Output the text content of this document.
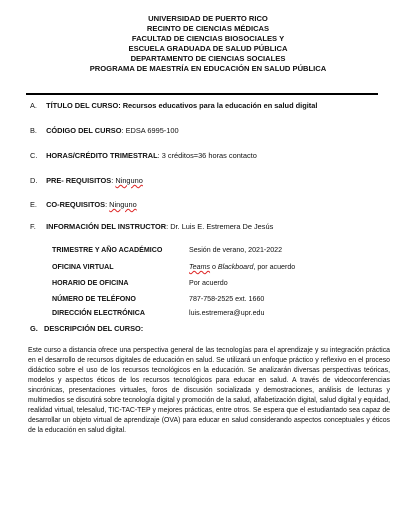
UNIVERSIDAD DE PUERTO RICO
RECINTO DE CIENCIAS MÉDICAS
FACULTAD DE CIENCIAS BIOSOCIALES Y
ESCUELA GRADUADA DE SALUD PÚBLICA
DEPARTAMENTO DE CIENCIAS SOCIALES
PROGRAMA DE MAESTRÍA EN EDUCACIÓN EN SALUD PÚBLICA
A. TÍTULO DEL CURSO: Recursos educativos para la educación en salud digital
B. CÓDIGO DEL CURSO: EDSA 6995-100
C. HORAS/CRÉDITO TRIMESTRAL: 3 créditos=36 horas contacto
D. PRE- REQUISITOS: Ninguno
E. CO-REQUISITOS: Ninguno
F. INFORMACIÓN DEL INSTRUCTOR: Dr. Luis E. Estremera De Jesús
TRIMESTRE Y AÑO ACADÉMICO	Sesión de verano, 2021-2022
OFICINA VIRTUAL	Teams o Blackboard, por acuerdo
HORARIO DE OFICINA	Por acuerdo
NÚMERO DE TELÉFONO	787-758-2525 ext. 1660
DIRECCIÓN ELECTRÓNICA	luis.estremera@upr.edu
G. DESCRIPCIÓN DEL CURSO:
Este curso a distancia ofrece una perspectiva general de las tecnologías para el aprendizaje y su integración práctica en el desarrollo de recursos digitales de educación en salud. Se utilizará un enfoque práctico y reflexivo en el proceso didáctico sobre el uso de los recursos tecnológicos en la educación. Se analizarán diversas perspectivas teóricas, modelos y aspectos éticos de los recursos tecnológicos para educar en salud. A través de videoconferencias sincrónicas, presentaciones virtuales, foros de discusión socializada y demostraciones, análisis de lecturas y multimedios se discutirá sobre tecnología digital y promoción de la salud, alfabetización digital, salud digital y equidad, realidad virtual, telesalud, TIC-TAC-TEP y mejores prácticas, entre otros. Se espera que el estudiantado sea capaz de desarrollar un objeto virtual de aprendizaje (OVA) para educar en salud considerando aspectos conceptuales y éticos de la educación en salud digital.
